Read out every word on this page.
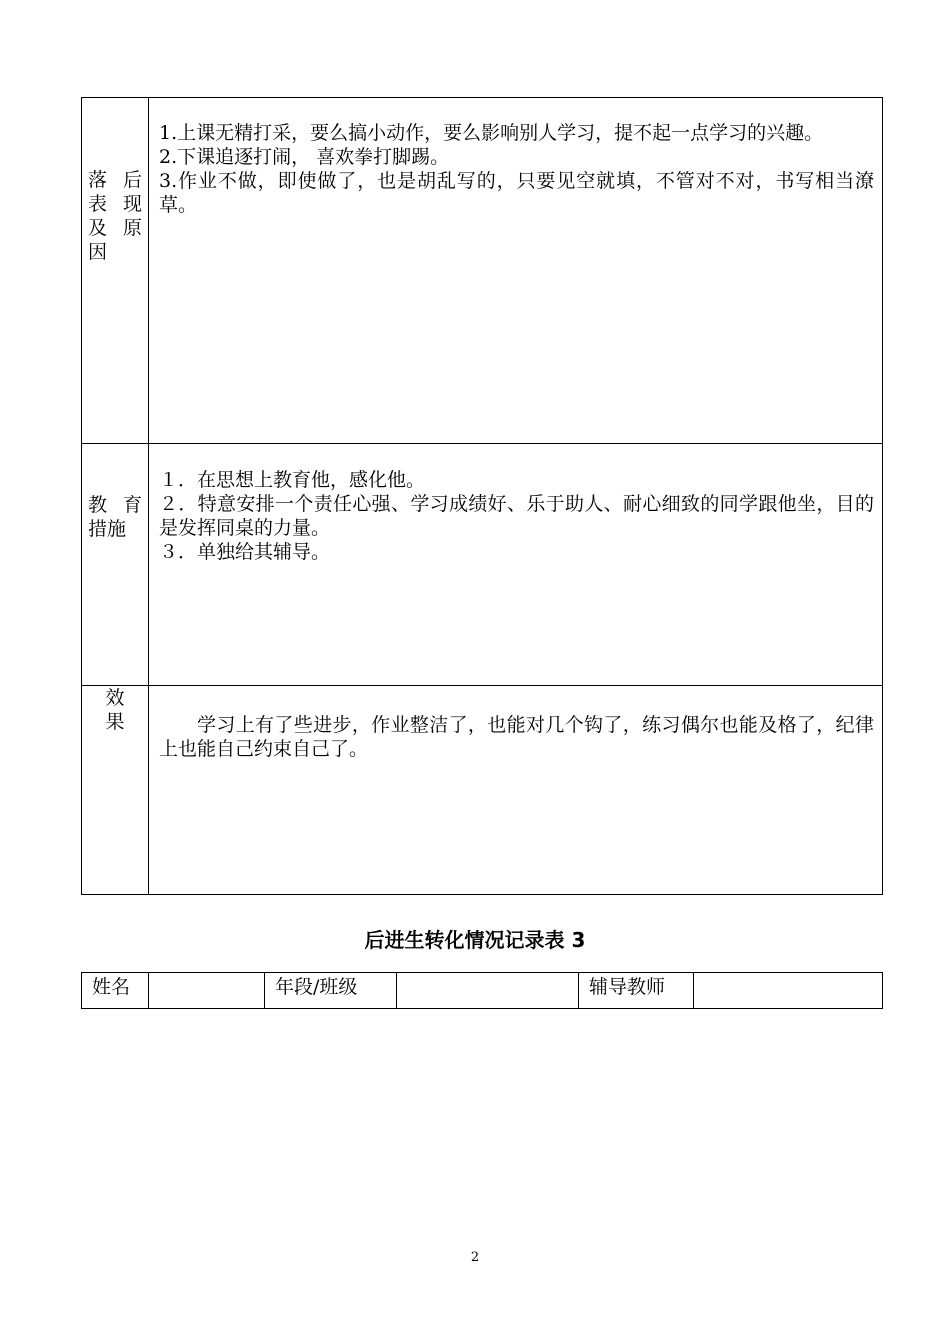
落 后
表 现
及 原
因	1.上课无精打采，要么搞小动作，要么影响别人学习，提不起一点学习的兴趣。
2.下课追逐打闹， 喜欢拳打脚踢。
3.作业不做，即使做了，也是胡乱写的，只要见空就填，不管对不对，书写相当潦草。

教 育
措施	１．在思想上教育他，感化他。
２．特意安排一个责任心强、学习成绩好、乐于助人、耐心细致的同学跟他坐，目的是发挥同桌的力量。
３．单独给其辅导。

效
果	学习上有了些进步，作业整洁了，也能对几个钩了，练习偶尔也能及格了，纪律上也能自己约束自己了。
后进生转化情况记录表 3
姓名		年段/班级		辅导教师	
2
